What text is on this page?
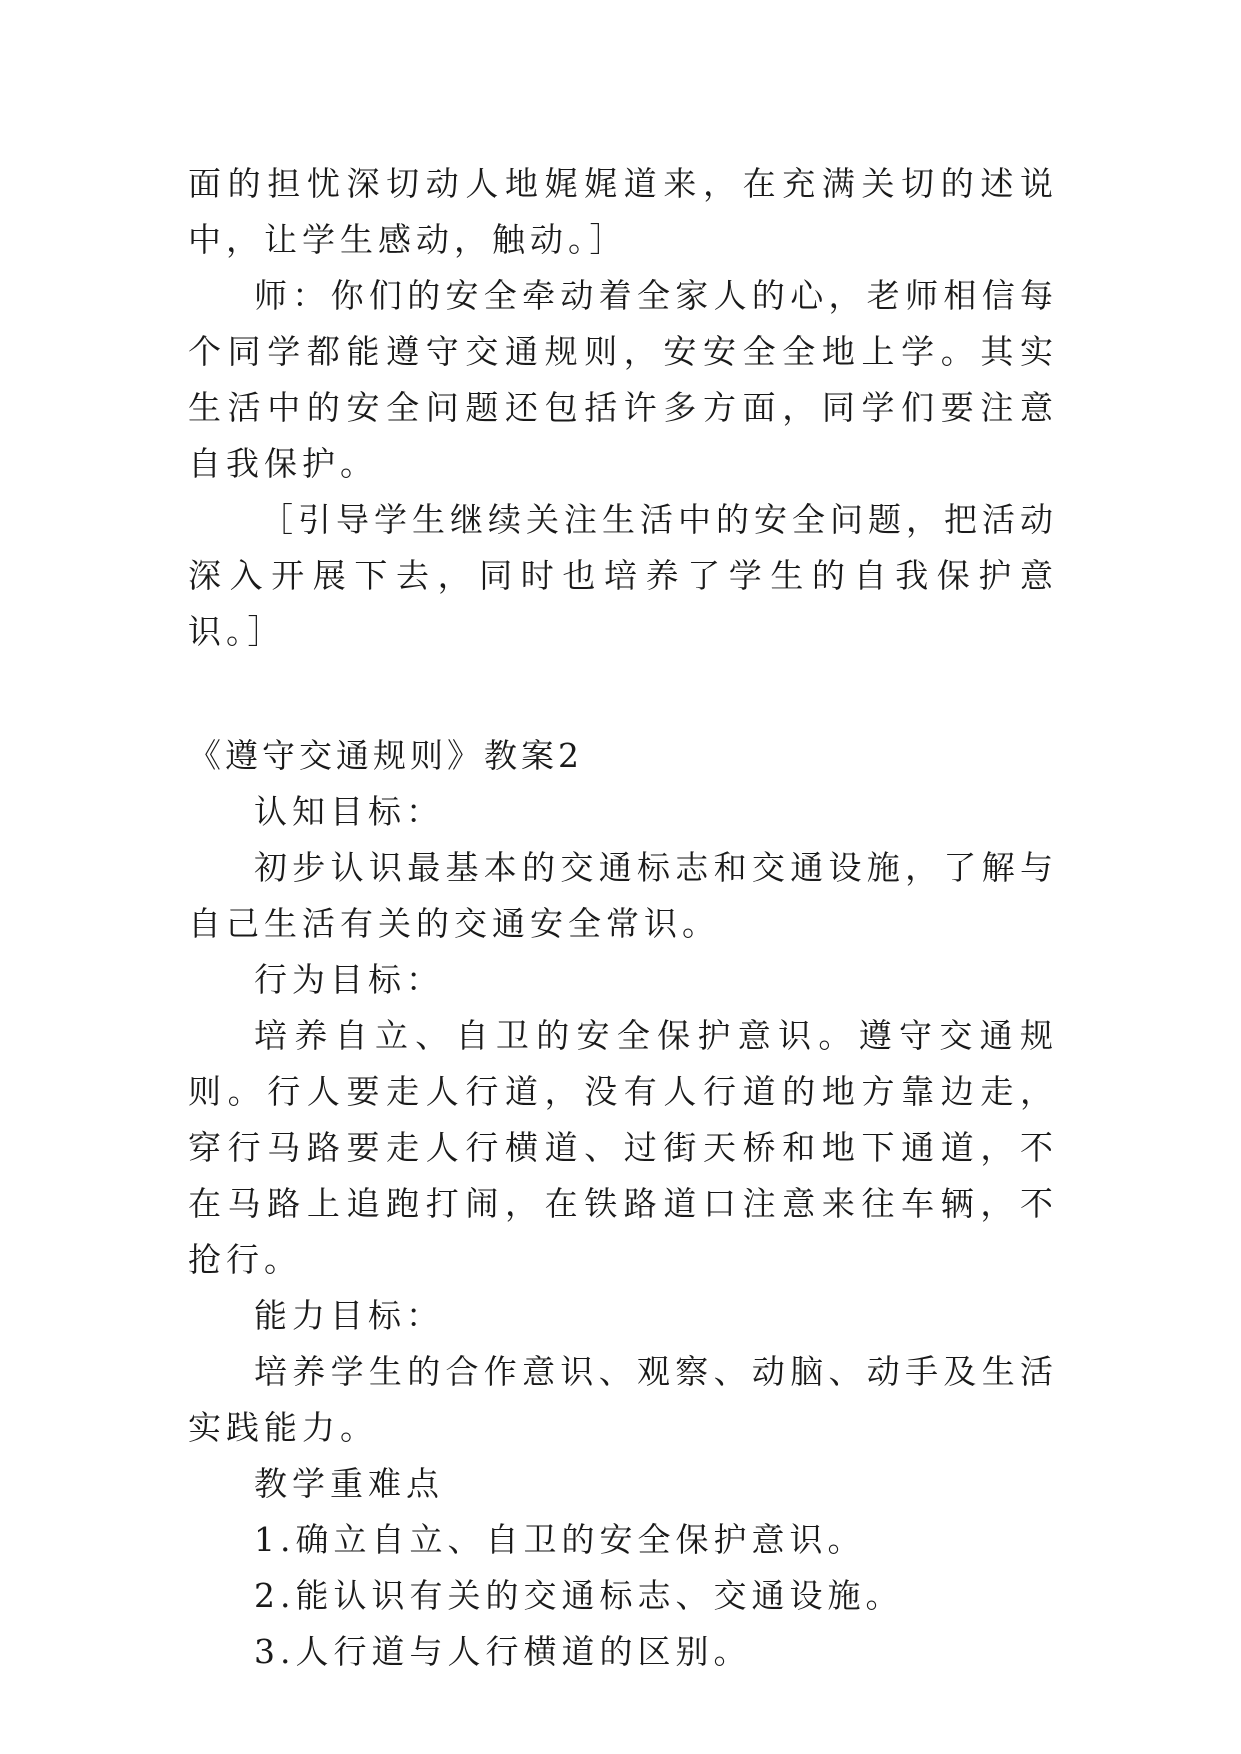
面的担忧深切动人地娓娓道来，在充满关切的述说中，让学生感动，触动。］

师：你们的安全牵动着全家人的心，老师相信每个同学都能遵守交通规则，安安全全地上学。其实生活中的安全问题还包括许多方面，同学们要注意自我保护。

［引导学生继续关注生活中的安全问题，把活动深入开展下去，同时也培养了学生的自我保护意识。］

《遵守交通规则》教案2

认知目标：

初步认识最基本的交通标志和交通设施，了解与自己生活有关的交通安全常识。

行为目标：

培养自立、自卫的安全保护意识。遵守交通规则。行人要走人行道，没有人行道的地方靠边走，穿行马路要走人行横道、过街天桥和地下通道，不在马路上追跑打闹，在铁路道口注意来往车辆，不抢行。

能力目标：

培养学生的合作意识、观察、动脑、动手及生活实践能力。

教学重难点

1.确立自立、自卫的安全保护意识。

2.能认识有关的交通标志、交通设施。

3.人行道与人行横道的区别。
